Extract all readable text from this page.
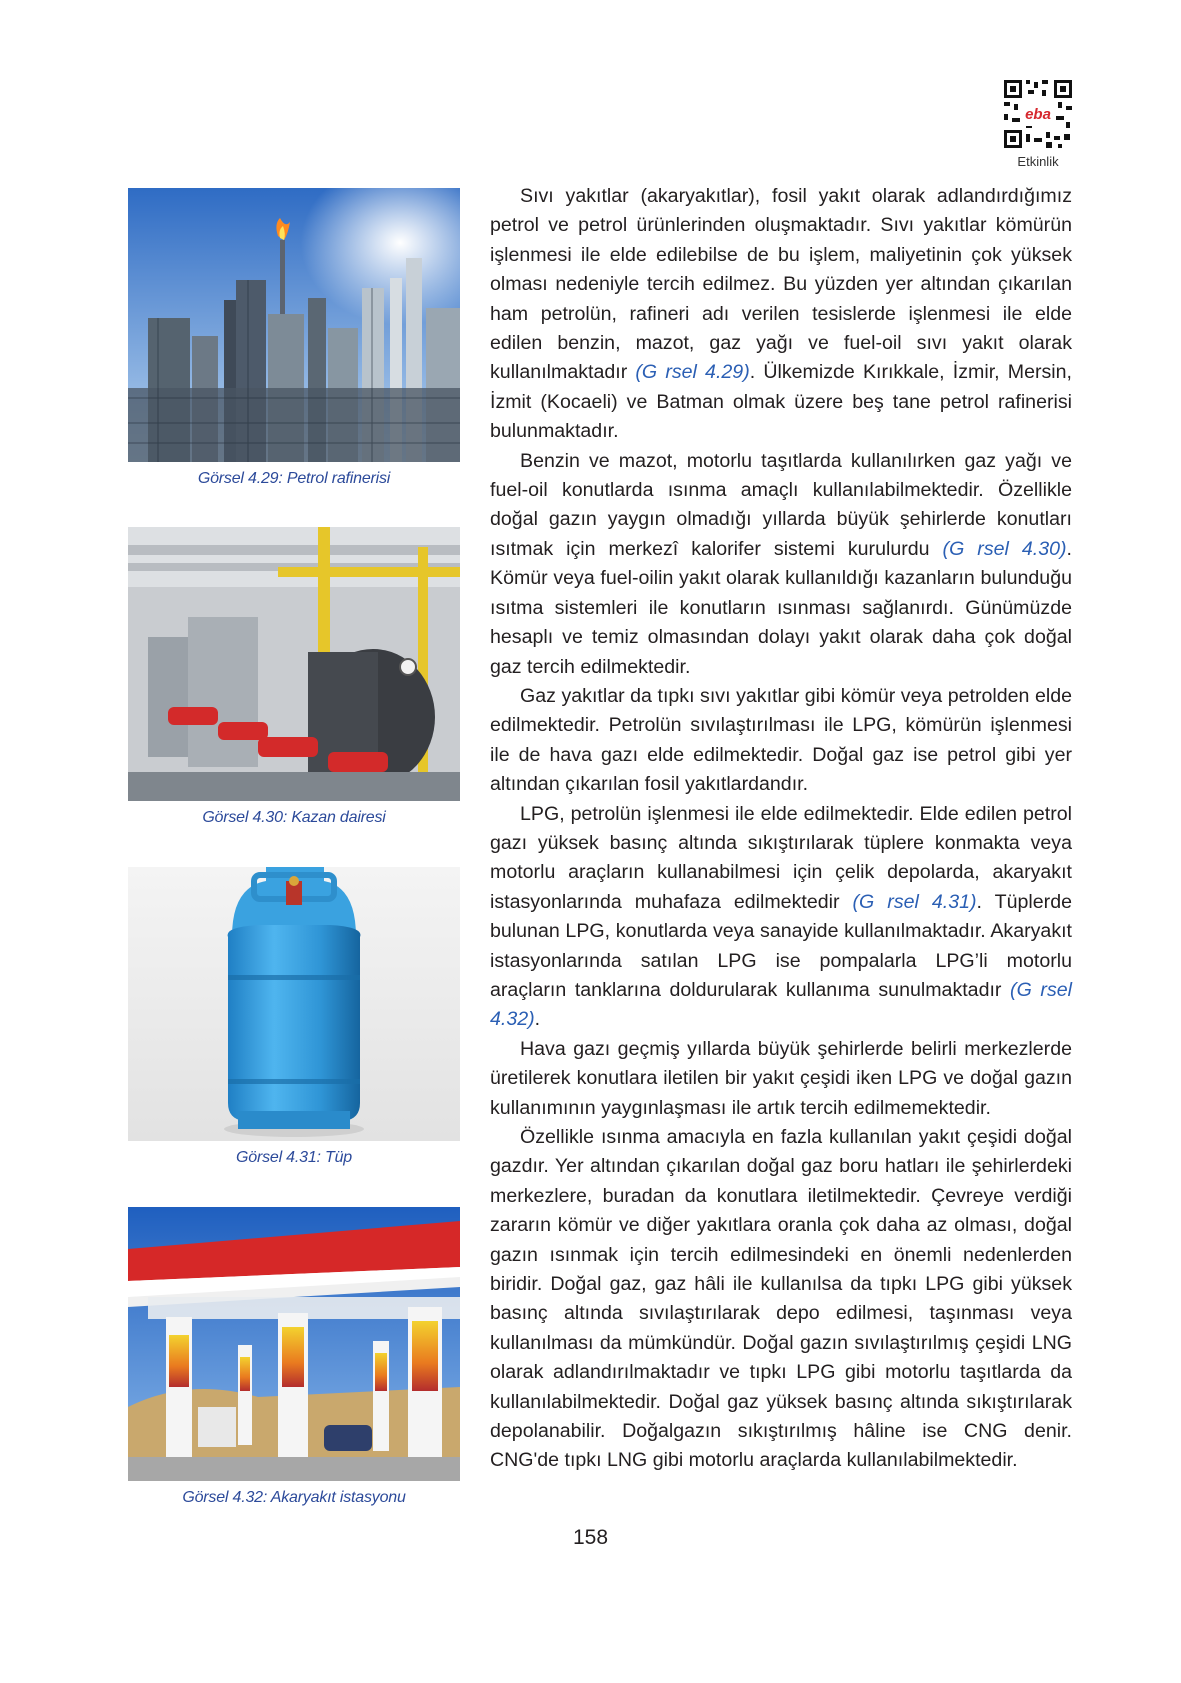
eba
Etkinlik
Görsel 4.29: Petrol rafinerisi
Görsel 4.30: Kazan dairesi
Görsel 4.31: Tüp
Görsel 4.32: Akaryakıt istasyonu

Sıvı yakıtlar (akaryakıtlar), fosil yakıt olarak adlandırdığımız petrol ve petrol ürünlerinden oluşmaktadır. Sıvı yakıtlar kömürün işlenmesi ile elde edilebilse de bu işlem, maliyetinin çok yüksek olması nedeniyle tercih edilmez. Bu yüzden yer altından çıkarılan ham petrolün, rafineri adı verilen tesislerde işlenmesi ile elde edilen benzin, mazot, gaz yağı ve fuel-oil sıvı yakıt olarak kullanılmaktadır (G rsel 4.29). Ülkemizde Kırıkkale, İzmir, Mersin, İzmit (Kocaeli) ve Batman olmak üzere beş tane petrol rafinerisi bulunmaktadır.

Benzin ve mazot, motorlu taşıtlarda kullanılırken gaz yağı ve fuel-oil konutlarda ısınma amaçlı kullanılabilmektedir. Özellikle doğal gazın yaygın olmadığı yıllarda büyük şehirlerde konutları ısıtmak için merkezî kalorifer sistemi kurulurdu (G rsel 4.30). Kömür veya fuel-oilin yakıt olarak kullanıldığı kazanların bulunduğu ısıtma sistemleri ile konutların ısınması sağlanırdı. Günümüzde hesaplı ve temiz olmasından dolayı yakıt olarak daha çok doğal gaz tercih edilmektedir.

Gaz yakıtlar da tıpkı sıvı yakıtlar gibi kömür veya petrolden elde edilmektedir. Petrolün sıvılaştırılması ile LPG, kömürün işlenmesi ile de hava gazı elde edilmektedir. Doğal gaz ise petrol gibi yer altından çıkarılan fosil yakıtlardandır.

LPG, petrolün işlenmesi ile elde edilmektedir. Elde edilen petrol gazı yüksek basınç altında sıkıştırılarak tüplere konmakta veya motorlu araçların kullanabilmesi için çelik depolarda, akaryakıt istasyonlarında muhafaza edilmektedir (G rsel 4.31). Tüplerde bulunan LPG, konutlarda veya sanayide kullanılmaktadır. Akaryakıt istasyonlarında satılan LPG ise pompalarla LPG’li motorlu araçların tanklarına doldurularak kullanıma sunulmaktadır (G rsel 4.32).

Hava gazı geçmiş yıllarda büyük şehirlerde belirli merkezlerde üretilerek konutlara iletilen bir yakıt çeşidi iken LPG ve doğal gazın kullanımının yaygınlaşması ile artık tercih edilmemektedir.

Özellikle ısınma amacıyla en fazla kullanılan yakıt çeşidi doğal gazdır. Yer altından çıkarılan doğal gaz boru hatları ile şehirlerdeki merkezlere, buradan da konutlara iletilmektedir. Çevreye verdiği zararın kömür ve diğer yakıtlara oranla çok daha az olması, doğal gazın ısınmak için tercih edilmesindeki en önemli nedenlerden biridir. Doğal gaz, gaz hâli ile kullanılsa da tıpkı LPG gibi yüksek basınç altında sıvılaştırılarak depo edilmesi, taşınması veya kullanılması da mümkündür. Doğal gazın sıvılaştırılmış çeşidi LNG olarak adlandırılmaktadır ve tıpkı LPG gibi motorlu taşıtlarda da kullanılabilmektedir. Doğal gaz yüksek basınç altında sıkıştırılarak depolanabilir. Doğalgazın sıkıştırılmış hâline ise CNG denir. CNG'de tıpkı LNG gibi motorlu araçlarda kullanılabilmektedir.

158
